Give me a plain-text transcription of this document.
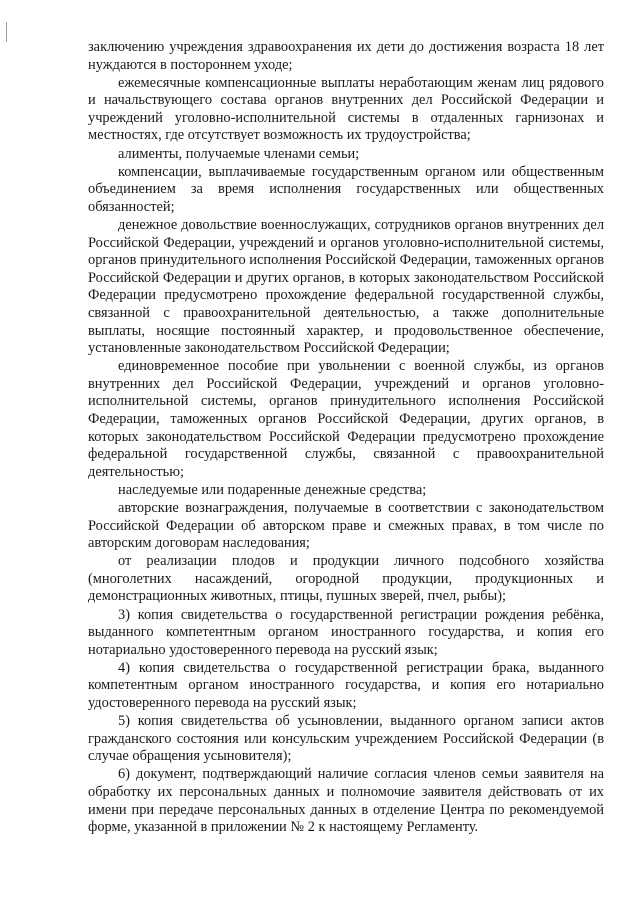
заключению учреждения здравоохранения их дети до достижения возраста 18 лет нуждаются в постороннем уходе;

ежемесячные компенсационные выплаты неработающим женам лиц рядового и начальствующего состава органов внутренних дел Российской Федерации и учреждений уголовно-исполнительной системы в отдаленных гарнизонах и местностях, где отсутствует возможность их трудоустройства;

алименты, получаемые членами семьи;

компенсации, выплачиваемые государственным органом или общественным объединением за время исполнения государственных или общественных обязанностей;

денежное довольствие военнослужащих, сотрудников органов внутренних дел Российской Федерации, учреждений и органов уголовно-исполнительной системы, органов принудительного исполнения Российской Федерации, таможенных органов Российской Федерации и других органов, в которых законодательством Российской Федерации предусмотрено прохождение федеральной государственной службы, связанной с правоохранительной деятельностью, а также дополнительные выплаты, носящие постоянный характер, и продовольственное обеспечение, установленные законодательством Российской Федерации;

единовременное пособие при увольнении с военной службы, из органов внутренних дел Российской Федерации, учреждений и органов уголовно-исполнительной системы, органов принудительного исполнения Российской Федерации, таможенных органов Российской Федерации, других органов, в которых законодательством Российской Федерации предусмотрено прохождение федеральной государственной службы, связанной с правоохранительной деятельностью;

наследуемые или подаренные денежные средства;

авторские вознаграждения, получаемые в соответствии с законодательством Российской Федерации об авторском праве и смежных правах, в том числе по авторским договорам наследования;

от реализации плодов и продукции личного подсобного хозяйства (многолетних насаждений, огородной продукции, продукционных и демонстрационных животных, птицы, пушных зверей, пчел, рыбы);

3) копия свидетельства о государственной регистрации рождения ребёнка, выданного компетентным органом иностранного государства, и копия его нотариально удостоверенного перевода на русский язык;

4) копия свидетельства о государственной регистрации брака, выданного компетентным органом иностранного государства, и копия его нотариально удостоверенного перевода на русский язык;

5) копия свидетельства об усыновлении, выданного органом записи актов гражданского состояния или консульским учреждением Российской Федерации (в случае обращения усыновителя);

6) документ, подтверждающий наличие согласия членов семьи заявителя на обработку их персональных данных и полномочие заявителя действовать от их имени при передаче персональных данных в отделение Центра по рекомендуемой форме, указанной в приложении № 2 к настоящему Регламенту.
